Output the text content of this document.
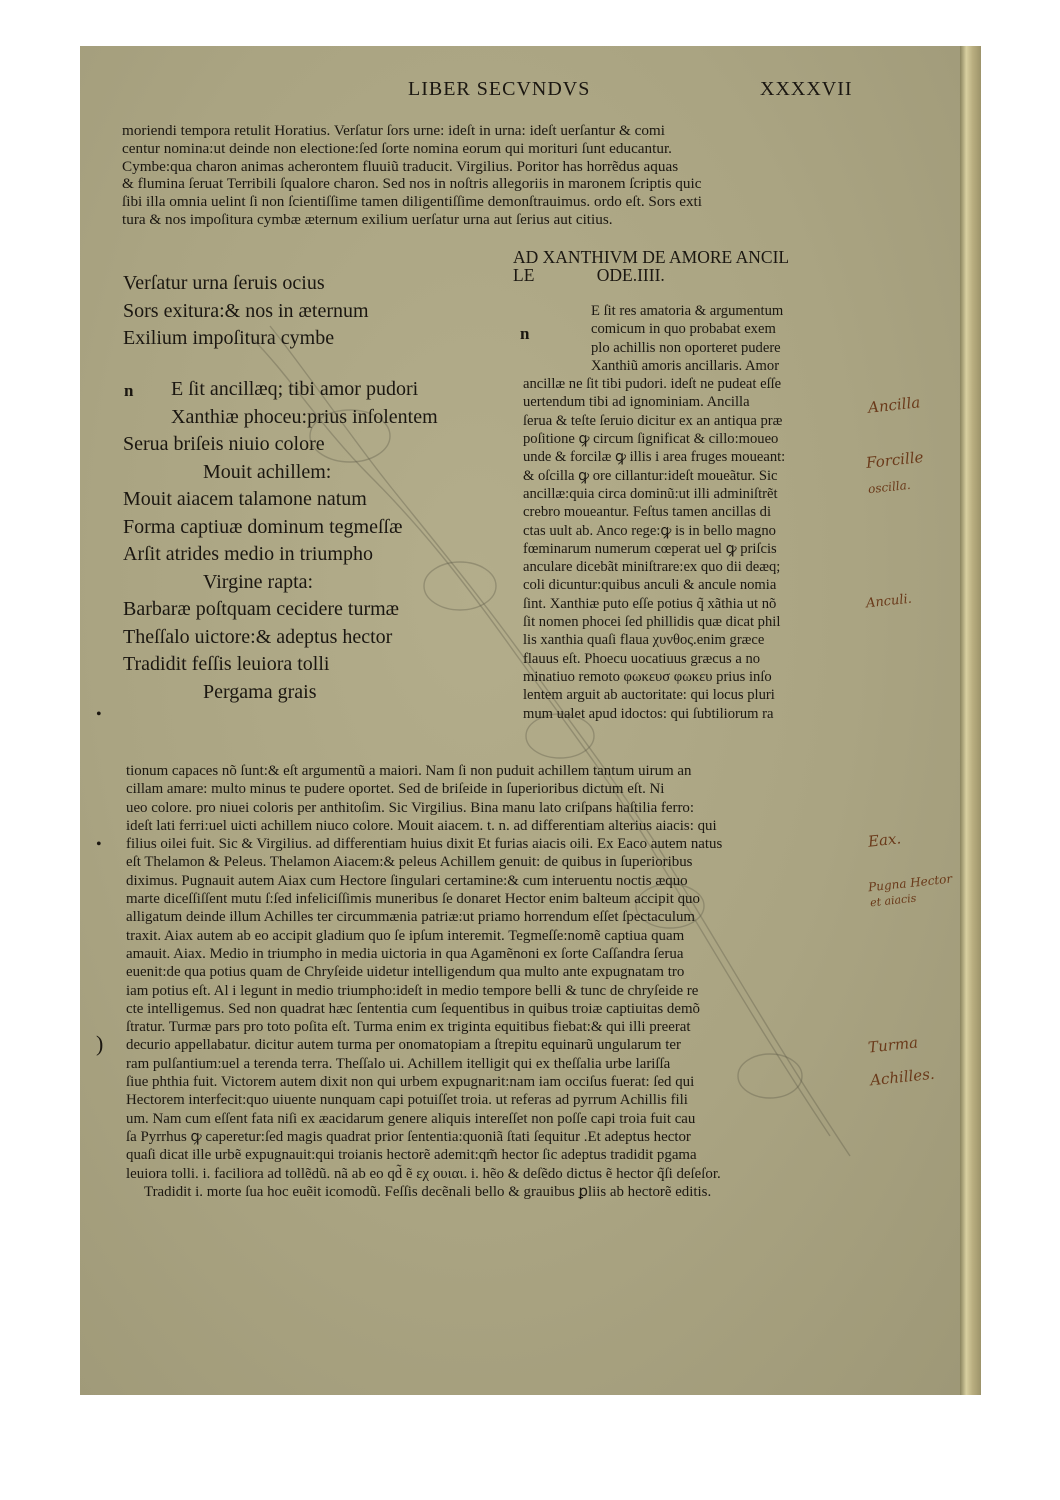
LIBER SECVNDVS	XXXXVII
moriendi tempora retulit Horatius. Verſatur ſors urne: ideſt in urna: ideſt uerſantur & comi
centur nomina:ut deinde non electione:ſed ſorte nomina eorum qui morituri ſunt educantur.
Cymbe:qua charon animas acherontem fluuiũ traducit. Virgilius. Poritor has horrẽdus aquas
& flumina ſeruat Terribili ſqualore charon. Sed nos in noſtris allegoriis in maronem ſcriptis quic
ſibi illa omnia uelint ſi non ſcientiſſime tamen diligentiſſime demonſtrauimus. ordo eſt. Sors exti
tura & nos impoſitura cymbæ æternum exilium uerſatur urna aut ſerius aut citius.
AD XANTHIVM DE AMORE ANCIL
LE	ODE.IIII.
Verſatur urna ſeruis ocius
Sors exitura:& nos in æternum
Exilium impoſitura cymbe
n
n
E ſit ancillæq; tibi amor pudori
Xanthiæ phoceu:prius inſolentem
Serua briſeis niuio colore
Mouit achillem:
Mouit aiacem talamone natum
Forma captiuæ dominum tegmeſſæ
Arſit atrides medio in triumpho
Virgine rapta:
Barbaræ poſtquam cecidere turmæ
Theſſalo uictore:& adeptus hector
Tradidit feſſis leuiora tolli
Pergama grais
E ſit res amatoria & argumentum
comicum in quo probabat exem
plo achillis non oporteret pudere
Xanthiũ amoris ancillaris. Amor
ancillæ ne ſit tibi pudori. ideſt ne pudeat eſſe
uertendum tibi ad ignominiam. Ancilla
ſerua & teſte ſeruio dicitur ex an antiqua præ
poſitione ꝙ circum ſignificat & cillo:moueo
unde & forcilæ ꝙ illis i area fruges moueant:
& oſcilla ꝙ ore cillantur:ideſt moueãtur. Sic
ancillæ:quia circa dominũ:ut illi adminiſtrẽt
crebro moueantur. Feſtus tamen ancillas di
ctas uult ab. Anco rege:ꝙ is in bello magno
fœminarum numerum cœperat uel ꝙ priſcis
anculare dicebãt miniſtrare:ex quo dii deæq;
coli dicuntur:quibus anculi & ancule nomia
ſint. Xanthiæ puto eſſe potius q̃ xãthia ut nõ
ſit nomen phocei ſed phillidis quæ dicat phil
lis xanthia quaſi flaua χυνθος.enim græce
flauus eſt. Phoecu uocatiuus græcus a no
minatiuo remoto φωκευσ φωκευ prius inſo
lentem arguit ab auctoritate: qui locus pluri
mum ualet apud idoctos: qui ſubtiliorum ra
tionum capaces nõ ſunt:& eſt argumentũ a maiori. Nam ſi non puduit achillem tantum uirum an
cillam amare: multo minus te pudere oportet. Sed de briſeide in ſuperioribus dictum eſt. Ni
ueo colore. pro niuei coloris per anthitoſim. Sic Virgilius. Bina manu lato criſpans haſtilia ferro:
ideſt lati ferri:uel uicti achillem niuco colore. Mouit aiacem. t. n. ad differentiam alterius aiacis: qui
filius oilei fuit. Sic & Virgilius. ad differentiam huius dixit Et furias aiacis oili. Ex Eaco autem natus
eſt Thelamon & Peleus. Thelamon Aiacem:& peleus Achillem genuit: de quibus in ſuperioribus
diximus. Pugnauit autem Aiax cum Hectore ſingulari certamine:& cum interuentu noctis æquo
marte diceſſiſſent mutu ſ:ſed infeliciſſimis muneribus ſe donaret Hector enim balteum accipit quo
alligatum deinde illum Achilles ter circummænia patriæ:ut priamo horrendum eſſet ſpectaculum
traxit. Aiax autem ab eo accipit gladium quo ſe ipſum interemit. Tegmeſſe:nomẽ captiua quam
amauit. Aiax. Medio in triumpho in media uictoria in qua Agamẽnoni ex ſorte Caſſandra ſerua
euenit:de qua potius quam de Chryſeide uidetur intelligendum qua multo ante expugnatam tro
iam potius eſt. Al i legunt in medio triumpho:ideſt in medio tempore belli & tunc de chryſeide re
cte intelligemus. Sed non quadrat hæc ſententia cum ſequentibus in quibus troiæ captiuitas demõ
ſtratur. Turmæ pars pro toto poſita eſt. Turma enim ex triginta equitibus fiebat:& qui illi preerat
decurio appellabatur. dicitur autem turma per onomatopiam a ſtrepitu equinarũ ungularum ter
ram pulſantium:uel a terenda terra. Theſſalo ui. Achillem itelligit qui ex theſſalia urbe lariſſa
ſiue phthia fuit. Victorem autem dixit non qui urbem expugnarit:nam iam occiſus fuerat: ſed qui
Hectorem interfecit:quo uiuente nunquam capi potuiſſet troia. ut referas ad pyrrum Achillis fili
um. Nam cum eſſent fata niſi ex æacidarum genere aliquis intereſſet non poſſe capi troia fuit cau
ſa Pyrrhus ꝙ caperetur:ſed magis quadrat prior ſententia:quoniã ſtati ſequitur .Et adeptus hector
quaſi dicat ille urbẽ expugnauit:qui troianis hectorẽ ademit:qm̃ hector ſic adeptus tradidit pgama
leuiora tolli. i. faciliora ad tollẽdũ. nã ab eo qd̃ ẽ εχ ουιαι. i. hẽo & deſẽdo dictus ẽ hector q̃ſi deſeſor.
Tradidit i. morte ſua hoc euẽit icomodũ. Feſſis decẽnali bello & grauibus ꝑliis ab hectorẽ editis.
•
•
)
Ancilla
Forcille
oscilla.
Anculi.
Eax.
Pugna Hector
et aiacis
Turma
Achilles.
